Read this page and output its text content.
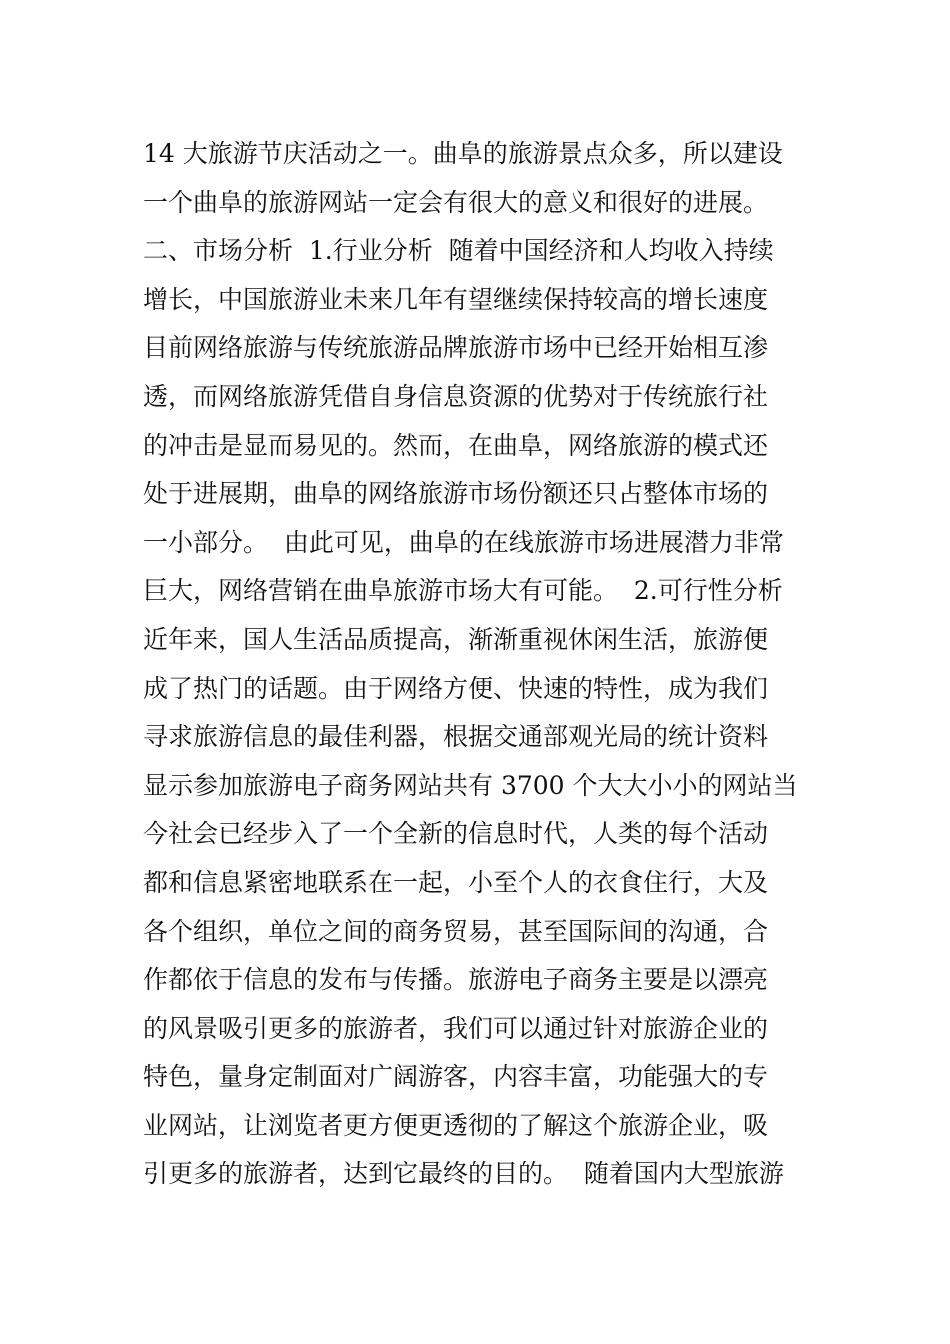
14 大旅游节庆活动之一。曲阜的旅游景点众多，所以建设
一个曲阜的旅游网站一定会有很大的意义和很好的进展。
二、市场分析  1.行业分析  随着中国经济和人均收入持续
增长，中国旅游业未来几年有望继续保持较高的增长速度
目前网络旅游与传统旅游品牌旅游市场中已经开始相互渗
透，而网络旅游凭借自身信息资源的优势对于传统旅行社
的冲击是显而易见的。然而，在曲阜，网络旅游的模式还
处于进展期，曲阜的网络旅游市场份额还只占整体市场的
一小部分。  由此可见，曲阜的在线旅游市场进展潜力非常
巨大，网络营销在曲阜旅游市场大有可能。  2.可行性分析
近年来，国人生活品质提高，渐渐重视休闲生活，旅游便
成了热门的话题。由于网络方便、快速的特性，成为我们
寻求旅游信息的最佳利器，根据交通部观光局的统计资料
显示参加旅游电子商务网站共有 3700 个大大小小的网站当
今社会已经步入了一个全新的信息时代，人类的每个活动
都和信息紧密地联系在一起，小至个人的衣食住行，大及
各个组织，单位之间的商务贸易，甚至国际间的沟通，合
作都依于信息的发布与传播。旅游电子商务主要是以漂亮
的风景吸引更多的旅游者，我们可以通过针对旅游企业的
特色，量身定制面对广阔游客，内容丰富，功能强大的专
业网站，让浏览者更方便更透彻的了解这个旅游企业，吸
引更多的旅游者，达到它最终的目的。  随着国内大型旅游
